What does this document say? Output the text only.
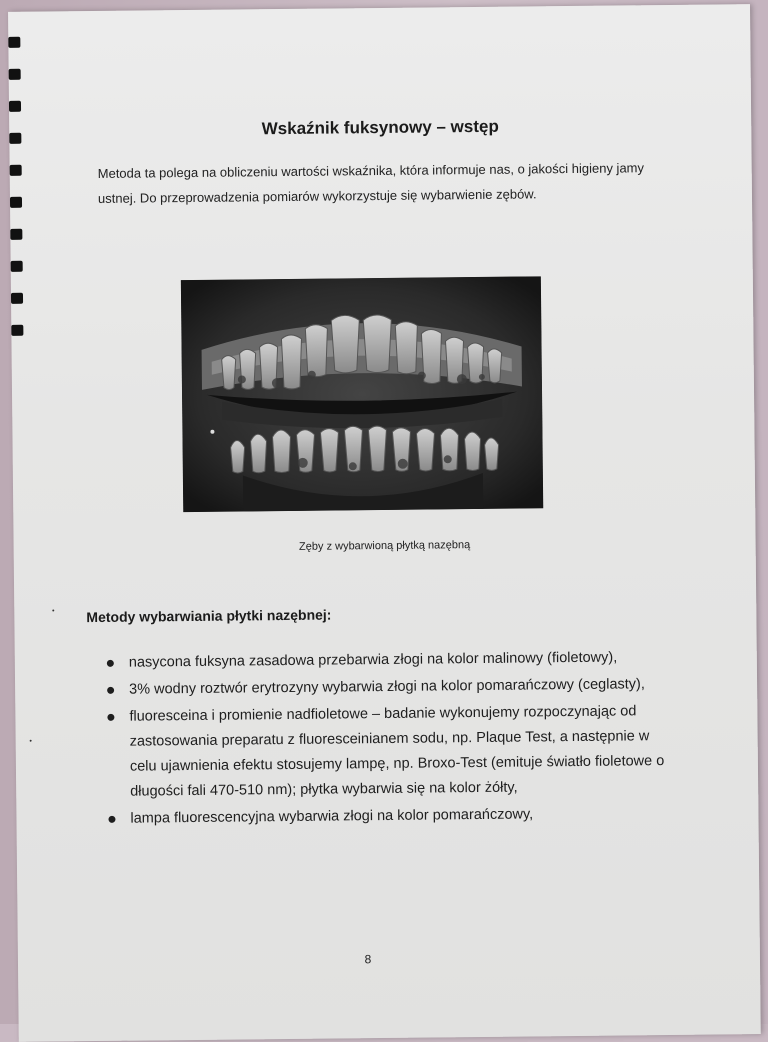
Wskaźnik fuksynowy – wstęp
Metoda ta polega na obliczeniu wartości wskaźnika, która informuje nas, o jakości higieny jamy ustnej. Do przeprowadzenia pomiarów wykorzystuje się wybarwienie zębów.
Zęby z wybarwioną płytką nazębną
Metody wybarwiania płytki nazębnej:
nasycona fuksyna zasadowa przebarwia złogi na kolor malinowy (fioletowy),
3% wodny roztwór erytrozyny wybarwia złogi na kolor pomarańczowy (ceglasty),
fluoresceina i promienie nadfioletowe – badanie wykonujemy rozpoczynając od zastosowania preparatu z fluoresceinianem sodu, np. Plaque Test, a następnie w celu ujawnienia efektu stosujemy lampę, np. Broxo-Test (emituje światło fioletowe o długości fali 470-510 nm); płytka wybarwia się na kolor żółty,
lampa fluorescencyjna wybarwia złogi na kolor pomarańczowy,
8
